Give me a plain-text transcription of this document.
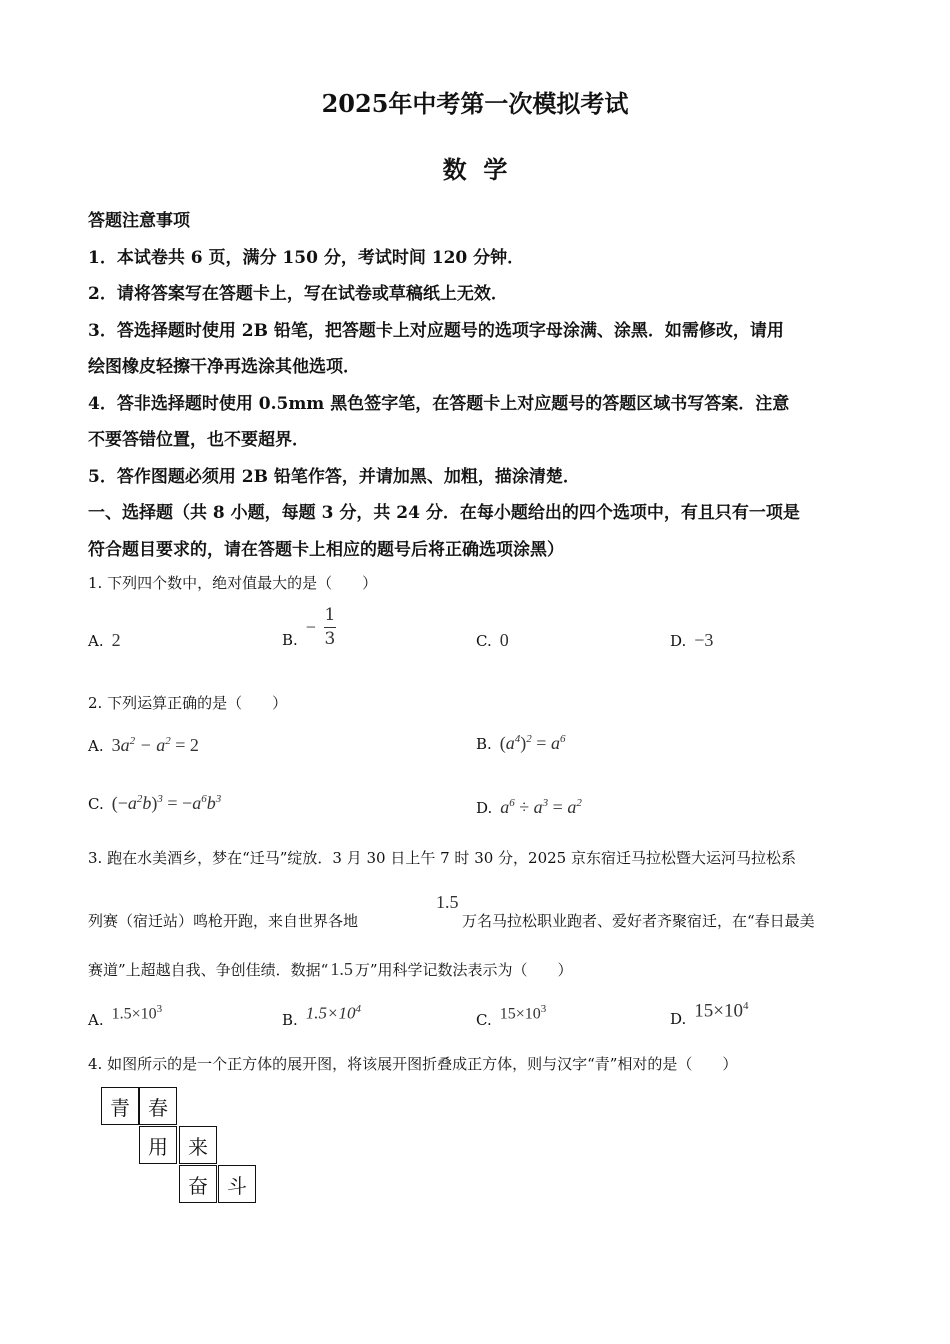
2025年中考第一次模拟考试
数  学
答题注意事项
1．本试卷共 6 页，满分 150 分，考试时间 120 分钟．
2．请将答案写在答题卡上，写在试卷或草稿纸上无效．
3．答选择题时使用 2B 铅笔，把答题卡上对应题号的选项字母涂满、涂黑．如需修改，请用
绘图橡皮轻擦干净再选涂其他选项．
4．答非选择题时使用 0.5mm 黑色签字笔，在答题卡上对应题号的答题区域书写答案．注意
不要答错位置，也不要超界．
5．答作图题必须用 2B 铅笔作答，并请加黑、加粗，描涂清楚．
一、选择题（共 8 小题，每题 3 分，共 24 分．在每小题给出的四个选项中，有且只有一项是
符合题目要求的，请在答题卡上相应的题号后将正确选项涂黑）
1. 下列四个数中，绝对值最大的是（　　）
A. 2	B.
− $\frac{1}{3}$	C. 0	D. −3
2. 下列运算正确的是（　　）
A. $3a^2 - a^2 = 2$	B. $(a^4)^2 = a^6$
C. $(-a^2b)^3 = -a^6b^3$	D. $a^6 \div a^3 = a^2$
3. 跑在水美酒乡，梦在“迁马”绽放．3 月 30 日上午 7 时 30 分，2025 京东宿迁马拉松暨大运河马拉松系
列赛（宿迁站）鸣枪开跑，来自世界各地
1.5
万名马拉松职业跑者、爱好者齐聚宿迁，在“春日最美
赛道”上超越自我、争创佳绩．数据“ 1.5 万”用科学记数法表示为（　　）
A. $1.5\times 10^3$
B. $1.5\times 10^4$
C. $15\times 10^3$
D. $15\times 10^4$
4. 如图所示的是一个正方体的展开图，将该展开图折叠成正方体，则与汉字“青”相对的是（　　）
青 春
用	来
奋 斗
